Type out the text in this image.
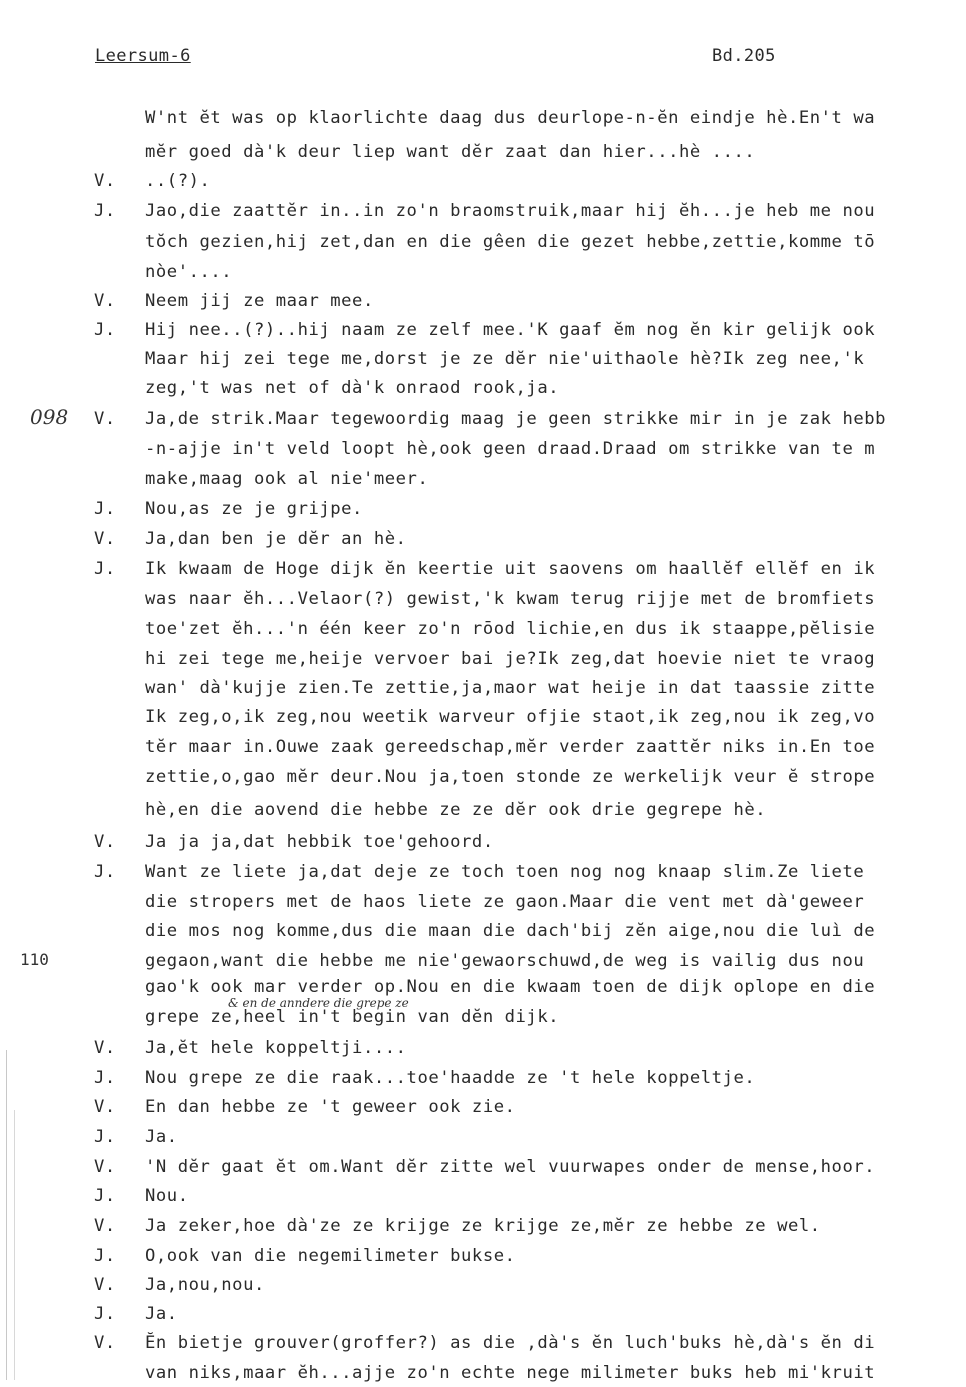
Leersum-6	Bd.205
098
110
& en de anndere die grepe ze
W'nt ĕt was op klaorlichte daag dus deurlope-n-ĕn eindje hè.En't wa
mĕr goed dà'k deur liep want dĕr zaat dan hier...hè ....
V. ..(?).
J. Jao,die zaattĕr in..in zo'n braomstruik,maar hij ĕh...je heb me nou
tŏch gezien,hij zet,dan en die gêen die gezet hebbe,zettie,komme tō
nòe'....
V. Neem jij ze maar mee.
J. Hij nee..(?)..hij naam ze zelf mee.'K gaaf ĕm nog ĕn kir gelijk ook
Maar hij zei tege me,dorst je ze dĕr nie'uithaole hè?Ik zeg nee,'k
zeg,'t was net of dà'k onraod rook,ja.
V. Ja,de strik.Maar tegewoordig maag je geen strikke mir in je zak hebb
-n-ajje in't veld loopt hè,ook geen draad.Draad om strikke van te m
make,maag ook al nie'meer.
J. Nou,as ze je grijpe.
V. Ja,dan ben je dĕr an hè.
J. Ik kwaam de Hoge dijk ĕn keertie uit saovens om haallĕf ellĕf en ik
was naar ĕh...Velaor(?) gewist,'k kwam terug rijje met de bromfiets
toe'zet ĕh...'n één keer zo'n rōod lichie,en dus ik staappe,pĕlisie
hi zei tege me,heije vervoer bai je?Ik zeg,dat hoevie niet te vraog
wan' dà'kujje zien.Te zettie,ja,maor wat heije in dat taassie zitte
Ik zeg,o,ik zeg,nou weetik warveur ofjie staot,ik zeg,nou ik zeg,vo
tĕr maar in.Ouwe zaak gereedschap,mĕr verder zaattĕr niks in.En toe
zettie,o,gao mĕr deur.Nou ja,toen stonde ze werkelijk veur ĕ strope
hè,en die aovend die hebbe ze ze dĕr ook drie gegrepe hè.
V. Ja ja ja,dat hebbik toe'gehoord.
J. Want ze liete ja,dat deje ze toch toen nog nog knaap slim.Ze liete
die stropers met de haos liete ze gaon.Maar die vent met dà'geweer
die mos nog komme,dus die maan die dach'bij zĕn aige,nou die luì de
gegaon,want die hebbe me nie'gewaorschuwd,de weg is vailig dus nou
gao'k ook mar verder op.Nou en die kwaam toen de dijk oplope en die
grepe ze,heel in't begin van dĕn dijk.
V. Ja,ĕt hele koppeltji....
J. Nou grepe ze die raak...toe'haadde ze 't hele koppeltje.
V. En dan hebbe ze 't geweer ook zie.
J. Ja.
V. 'N dĕr gaat ĕt om.Want dĕr zitte wel vuurwapes onder de mense,hoor.
J. Nou.
V. Ja zeker,hoe dà'ze ze krijge ze krijge ze,mĕr ze hebbe ze wel.
J. O,ook van die negemilimeter bukse.
V. Ja,nou,nou.
J. Ja.
V. Ĕn bietje grouver(groffer?) as die ,dà's ĕn luch'buks hè,dà's ĕn di
van niks,maar ĕh...ajje zo'n echte nege milimeter buks heb mi'kruit
